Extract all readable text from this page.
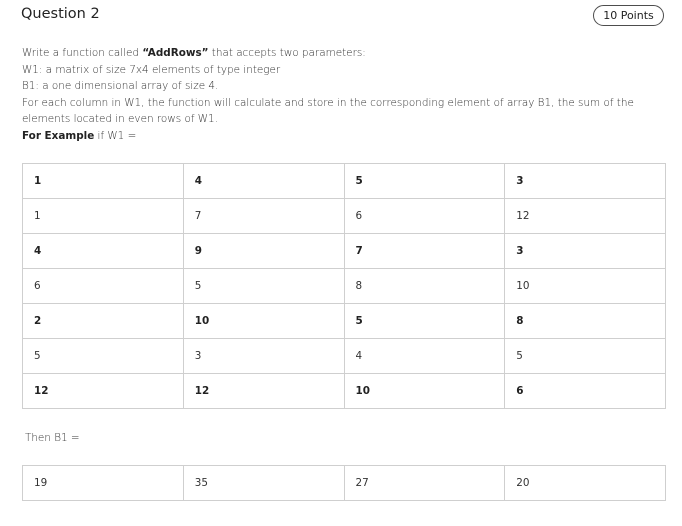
Question 2	10 Points
Write a function called “AddRows” that accepts two parameters:
W1: a matrix of size 7x4 elements of type integer
B1: a one dimensional array of size 4.
For each column in W1, the function will calculate and store in the corresponding element of array B1, the sum of the elements located in even rows of W1.
For Example if W1 =
1	4	5	3
1	7	6	12
4	9	7	3
6	5	8	10
2	10	5	8
5	3	4	5
12	12	10	6
Then B1 =
19	35	27	20
